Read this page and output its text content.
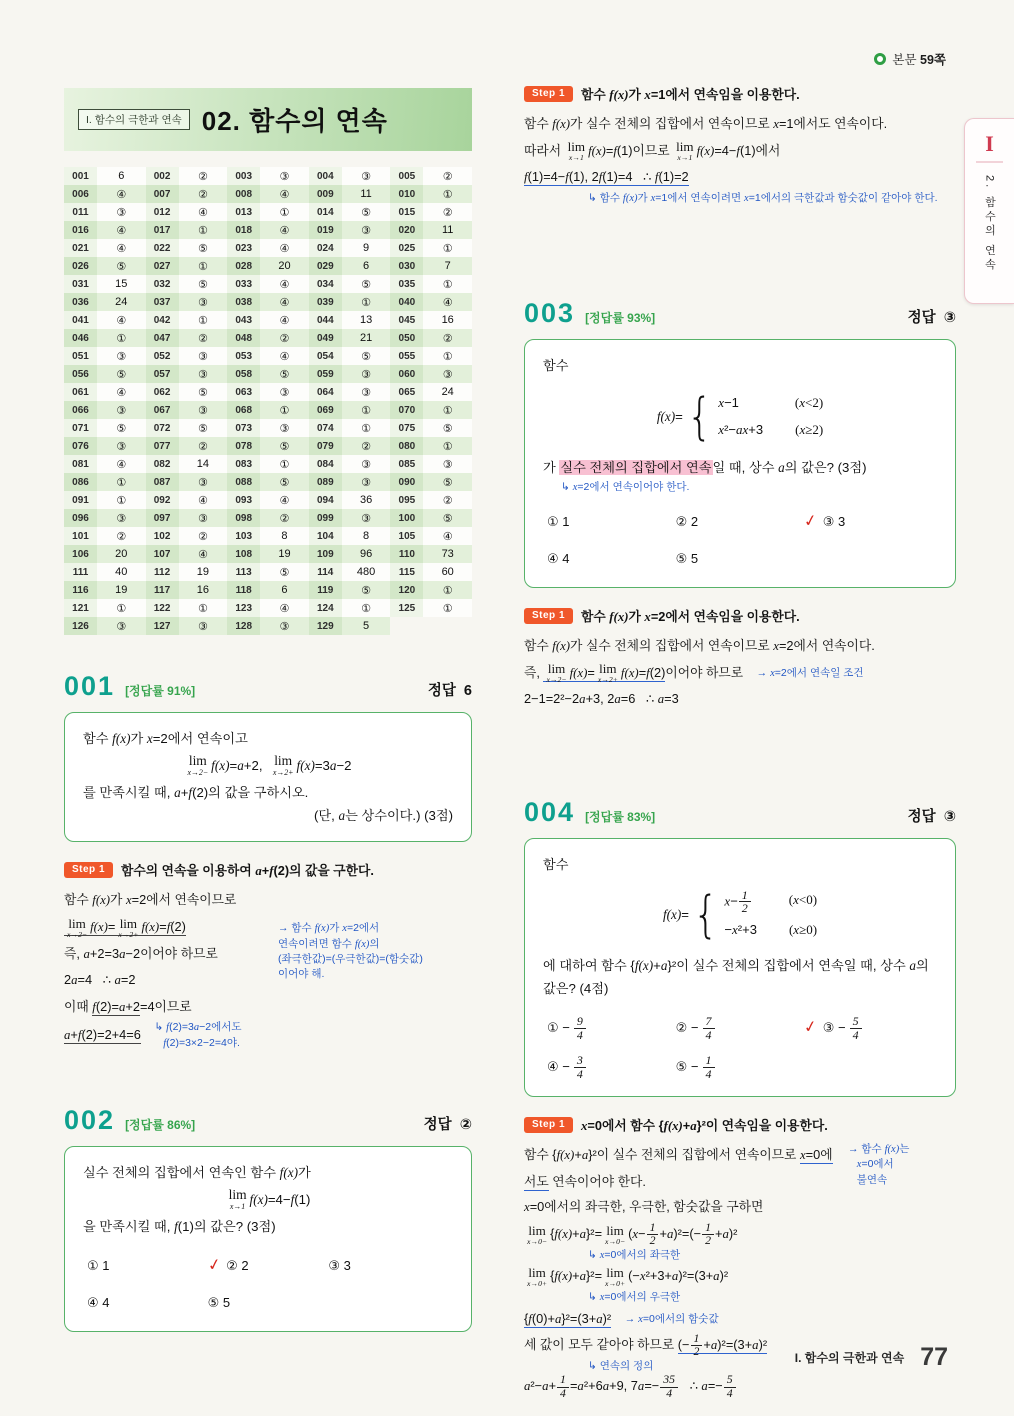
본문 59쪽
I
2. 함수의 연속
I. 함수의 극한과 연속 02. 함수의 연속
001	6	002	②	003	③	004	③	005	②
006	④	007	②	008	④	009	11	010	①
011	③	012	④	013	①	014	⑤	015	②
016	④	017	①	018	④	019	③	020	11
021	④	022	⑤	023	④	024	9	025	①
026	⑤	027	①	028	20	029	6	030	7
031	15	032	⑤	033	④	034	⑤	035	①
036	24	037	③	038	④	039	①	040	④
041	④	042	①	043	④	044	13	045	16
046	①	047	②	048	②	049	21	050	②
051	③	052	③	053	④	054	⑤	055	①
056	⑤	057	③	058	⑤	059	③	060	③
061	④	062	⑤	063	③	064	③	065	24
066	③	067	③	068	①	069	①	070	①
071	⑤	072	⑤	073	③	074	①	075	⑤
076	③	077	②	078	⑤	079	②	080	①
081	④	082	14	083	①	084	③	085	③
086	①	087	③	088	⑤	089	③	090	⑤
091	①	092	④	093	④	094	36	095	②
096	③	097	③	098	②	099	③	100	⑤
101	②	102	②	103	8	104	8	105	④
106	20	107	④	108	19	109	96	110	73
111	40	112	19	113	⑤	114	480	115	60
116	19	117	16	118	6	119	⑤	120	①
121	①	122	①	123	④	124	①	125	①
126	③	127	③	128	③	129	5
001 [정답률 91%]	정답  6
함수 f(x)가 x=2에서 연속이고
lim
x→2− f(x) = a +2, lim
x→2+ f(x) =3 a −2
를 만족시킬 때, a+f(2)의 값을 구하시오.
(단, a는 상수이다.) (3점)
Step 1	함수의 연속을 이용하여 a+f(2)의 값을 구한다.
함수 f(x)가 x=2에서 연속이므로
lim
x→2−
f(x)= lim
x→2+
f(x)=f(2)	→ 함수 f(x)가 x=2에서
연속이려면 함수 f(x)의
(좌극한값)=(우극한값)=(함숫값)
이어야 해.
즉, a+2=3a−2이어야 하므로
2a=4   ∴ a=2
이때 f(2)=a+2=4이므로
a+f(2)=2+4=6 ↳ f(2)=3a−2에서도
f(2)=3×2−2=4야.
002 [정답률 86%]	정답  ②
실수 전체의 집합에서 연속인 함수 f(x)가
lim
x→1 f(x) =4− f (1)
을 만족시킬 때, f(1)의 값은? (3점)
① 1	✓ ② 2	③ 3
④ 4	⑤ 5
Step 1	함수 f(x)가 x=1에서 연속임을 이용한다.
함수 f(x)가 실수 전체의 집합에서 연속이므로 x=1에서도 연속이다.
따라서 lim
x→1
f(x)=f(1)이므로 lim
x→1
f(x)=4−f(1)에서
f(1)=4−f(1), 2f(1)=4   ∴ f(1)=2
↳ 함수 f(x)가 x=1에서 연속이려면 x=1에서의 극한값과 함숫값이 같아야 한다.
003 [정답률 93%]	정답  ③
함수
f(x) = { x−1	(x<2)
x²−ax+3 (x≥2)
가 실수 전체의 집합에서 연속일 때, 상수 a의 값은? (3점)
↳ x=2에서 연속이어야 한다.
① 1	② 2	✓ ③ 3
④ 4	⑤ 5
Step 1	함수 f(x)가 x=2에서 연속임을 이용한다.
함수 f(x)가 실수 전체의 집합에서 연속이므로 x=2에서 연속이다.
즉, lim
x→2−
f(x)= lim
x→2+
f(x)=f(2)이어야 하므로 → x=2에서 연속일 조건
2−1=2²−2a+3, 2a=6   ∴ a=3
004 [정답률 83%]	정답  ③
함수
f(x) = { $x- \frac{1}{2}$	(x<0)
−x²+3 (x≥0)
에 대하여 함수 {f(x)+a}²이 실수 전체의 집합에서 연속일 때, 상수 a의 값은? (4점)
① − $\frac{9}{4}$	② − $\frac{7}{4}$	✓ ③ − $\frac{5}{4}$
④ − $\frac{3}{4}$	⑤ − $\frac{1}{4}$
Step 1	x=0에서 함수 {f(x)+a}²이 연속임을 이용한다.
함수 {f(x)+a}²이 실수 전체의 집합에서 연속이므로 x=0에서도 연속이어야 한다.
→ 함수 f(x)는
x=0에서
불연속
x=0에서의 좌극한, 우극한, 함숫값을 구하면
lim
x→0−
{f(x)+a}²= lim
x→0−
$(x- \frac{1}{2} +a)^2=(- \frac{1}{2} +a)^2$
↳ x=0에서의 좌극한
lim
x→0+
{f(x)+a}²= lim
x→0+
(−x²+3+a)²=(3+a)²
↳ x=0에서의 우극한
{f(0)+a}²=(3+a)² → x=0에서의 함숫값
세 값이 모두 같아야 하므로 (− $\frac{1}{2} +a)^2=(3+a)^2$
↳ 연속의 정의
$a^2-a+ \frac{1}{4} =a^2+6a+9$, $7a=- \frac{35}{4}$ ∴ $a=- \frac{5}{4}$
I. 함수의 극한과 연속 77
